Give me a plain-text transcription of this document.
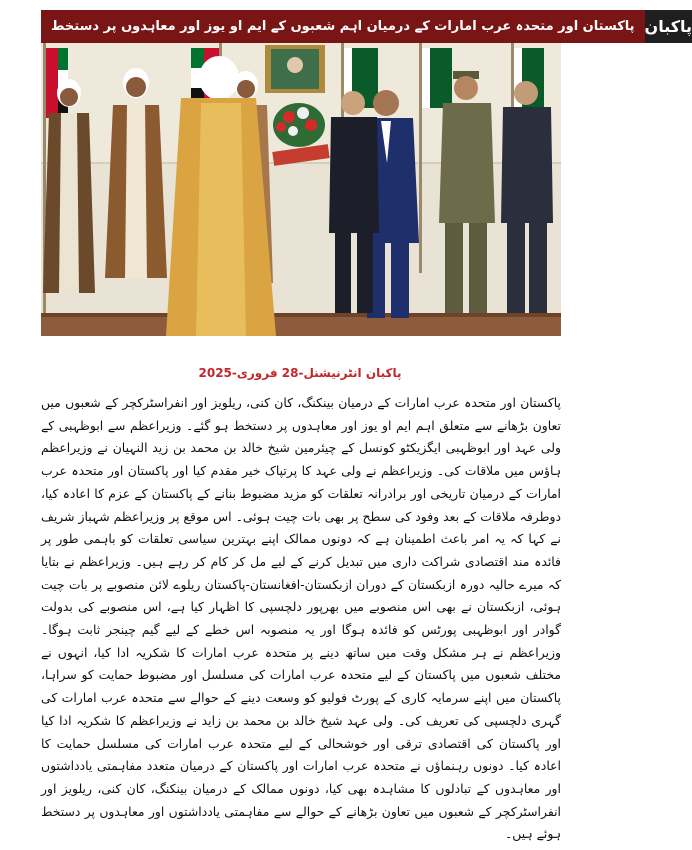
پاکستان اور متحدہ عرب امارات کے درمیان اہم شعبوں کے ایم او یوز اور معاہدوں پر دستخط پاکبان
پاکبان انٹرنیشنل-28 فروری-2025

پاکستان اور متحدہ عرب امارات کے درمیان بینکنگ، کان کنی، ریلویز اور انفراسٹرکچر کے شعبوں میں تعاون بڑھانے سے متعلق اہم ایم او یوز اور معاہدوں پر دستخط ہو گئے۔ وزیراعظم سے ابوظہبی کے ولی عہد اور ابوظہبی ایگزیکٹو کونسل کے چیئرمین شیخ خالد بن محمد بن زید النہیان نے وزیراعظم ہاؤس میں ملاقات کی۔ وزیراعظم نے ولی عہد کا پرتپاک خیر مقدم کیا اور پاکستان اور متحدہ عرب امارات کے درمیان تاریخی اور برادرانہ تعلقات کو مزید مضبوط بنانے کے پاکستان کے عزم کا اعادہ کیا، دوطرفہ ملاقات کے بعد وفود کی سطح پر بھی بات چیت ہوئی۔ اس موقع پر وزیراعظم شہباز شریف نے کہا کہ یہ امر باعث اطمینان ہے کہ دونوں ممالک اپنے بہترین سیاسی تعلقات کو باہمی طور پر فائدہ مند اقتصادی شراکت داری میں تبدیل کرنے کے لیے مل کر کام کر رہے ہیں۔ وزیراعظم نے بتایا کہ میرے حالیہ دورہ ازبکستان کے دوران ازبکستان-افغانستان-پاکستان ریلوے لائن منصوبے پر بات چیت ہوئی، ازبکستان نے بھی اس منصوبے میں بھرپور دلچسپی کا اظہار کیا ہے، اس منصوبے کی بدولت گوادر اور ابوظہبی پورٹس کو فائدہ ہوگا اور یہ منصوبہ اس خطے کے لیے گیم چینجر ثابت ہوگا۔ وزیراعظم نے ہر مشکل وقت میں ساتھ دینے پر متحدہ عرب امارات کا شکریہ ادا کیا، انہوں نے مختلف شعبوں میں پاکستان کے لیے متحدہ عرب امارات کی مسلسل اور مضبوط حمایت کو سراہا، پاکستان میں اپنے سرمایہ کاری کے پورٹ فولیو کو وسعت دینے کے حوالے سے متحدہ عرب امارات کی گہری دلچسپی کی تعریف کی۔ ولی عہد شیخ خالد بن محمد بن زاید نے وزیراعظم کا شکریہ ادا کیا اور پاکستان کی اقتصادی ترقی اور خوشحالی کے لیے متحدہ عرب امارات کی مسلسل حمایت کا اعادہ کیا۔ دونوں رہنماؤں نے متحدہ عرب امارات اور پاکستان کے درمیان متعدد مفاہمتی یادداشتوں اور معاہدوں کے تبادلوں کا مشاہدہ بھی کیا، دونوں ممالک کے درمیان بینکنگ، کان کنی، ریلویز اور انفراسٹرکچر کے شعبوں میں تعاون بڑھانے کے حوالے سے مفاہمتی یادداشتوں اور معاہدوں پر دستخط ہوئے ہیں۔
